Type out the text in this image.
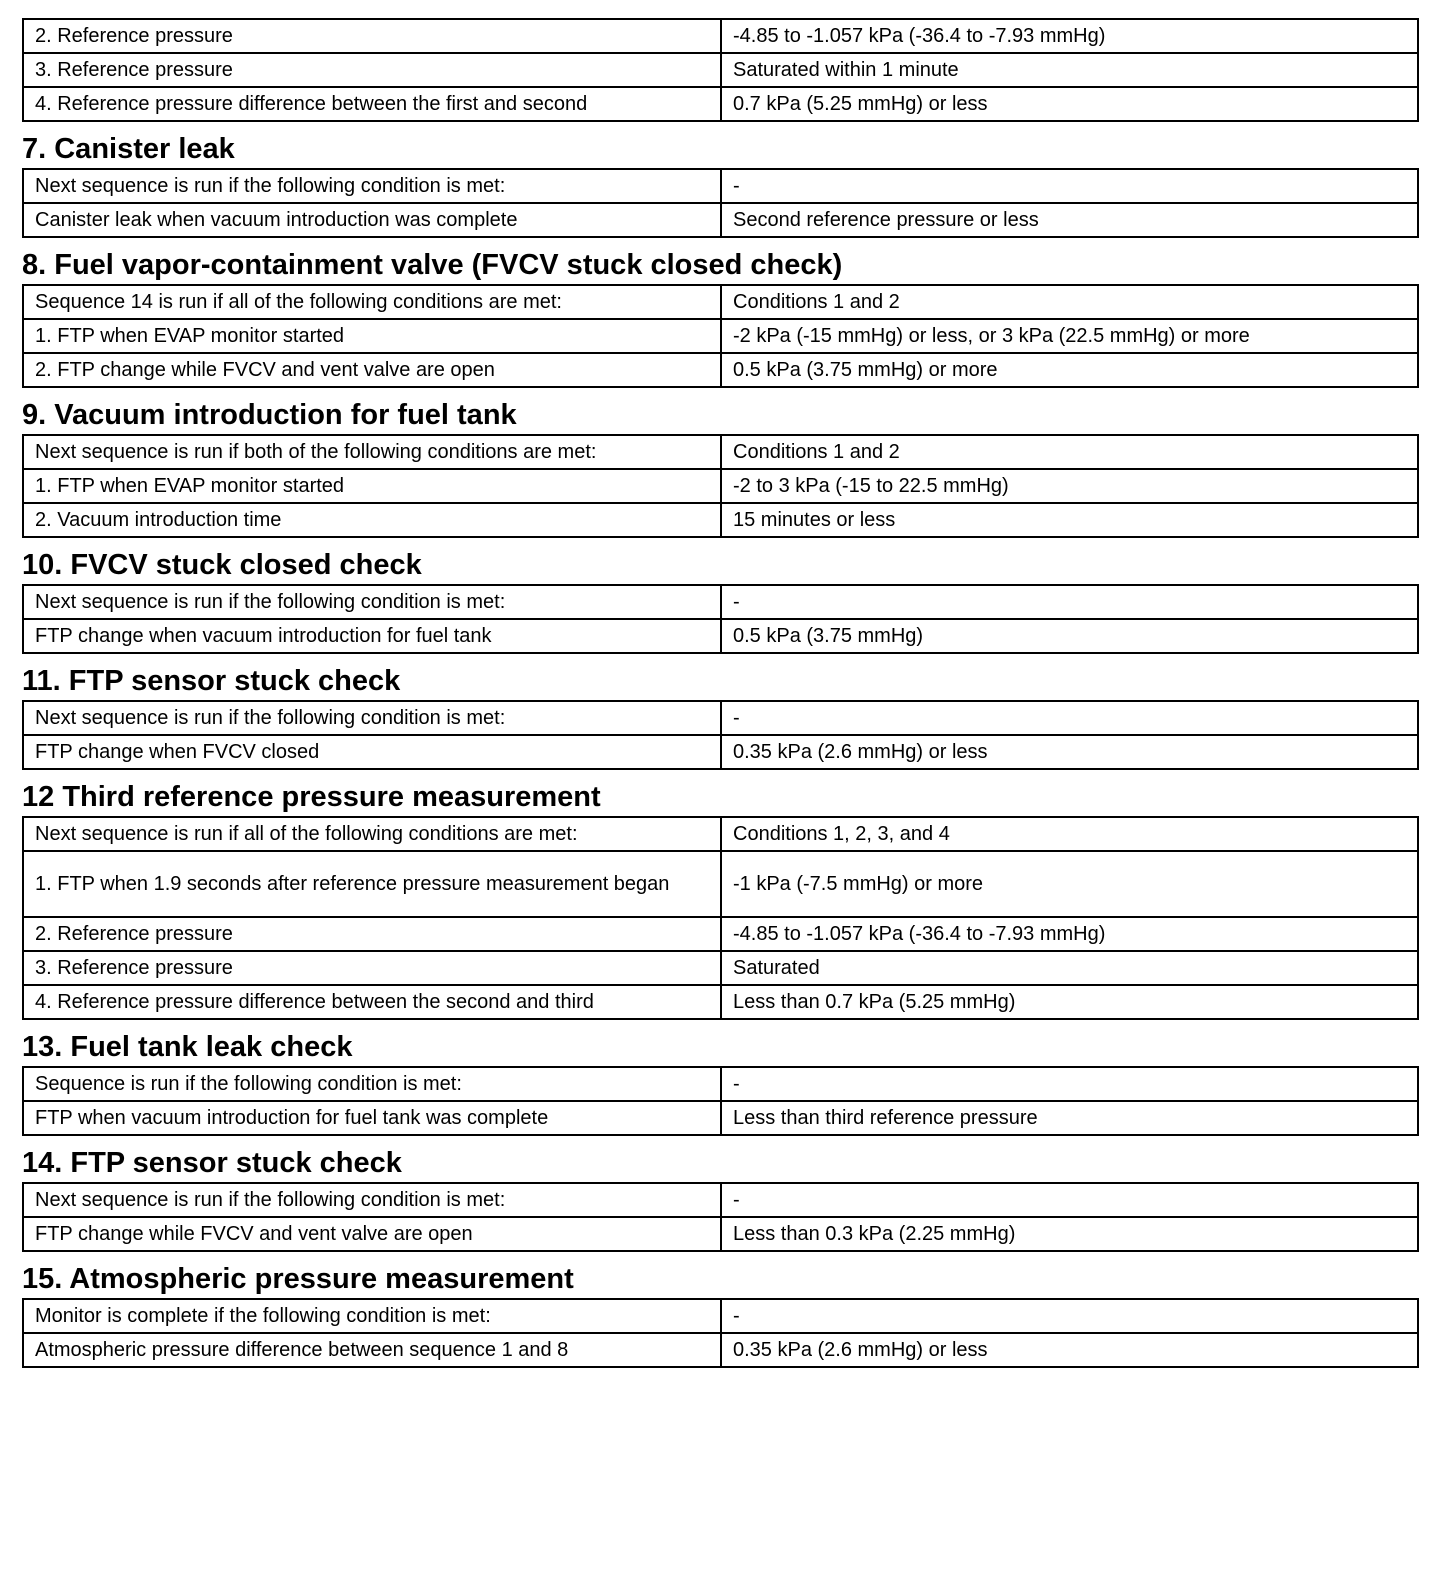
2. Reference pressure	-4.85 to -1.057 kPa (-36.4 to -7.93 mmHg)
3. Reference pressure	Saturated within 1 minute
4. Reference pressure difference between the first and second	0.7 kPa (5.25 mmHg) or less
7. Canister leak
Next sequence is run if the following condition is met:	-
Canister leak when vacuum introduction was complete	Second reference pressure or less
8. Fuel vapor-containment valve (FVCV stuck closed check)
Sequence 14 is run if all of the following conditions are met:	Conditions 1 and 2
1. FTP when EVAP monitor started	-2 kPa (-15 mmHg) or less, or 3 kPa (22.5 mmHg) or more
2. FTP change while FVCV and vent valve are open	0.5 kPa (3.75 mmHg) or more
9. Vacuum introduction for fuel tank
Next sequence is run if both of the following conditions are met:	Conditions 1 and 2
1. FTP when EVAP monitor started	-2 to 3 kPa (-15 to 22.5 mmHg)
2. Vacuum introduction time	15 minutes or less
10. FVCV stuck closed check
Next sequence is run if the following condition is met:	-
FTP change when vacuum introduction for fuel tank	0.5 kPa (3.75 mmHg)
11. FTP sensor stuck check
Next sequence is run if the following condition is met:	-
FTP change when FVCV closed	0.35 kPa (2.6 mmHg) or less
12 Third reference pressure measurement
Next sequence is run if all of the following conditions are met:	Conditions 1, 2, 3, and 4
1. FTP when 1.9 seconds after reference pressure measurement began	-1 kPa (-7.5 mmHg) or more
2. Reference pressure	-4.85 to -1.057 kPa (-36.4 to -7.93 mmHg)
3. Reference pressure	Saturated
4. Reference pressure difference between the second and third	Less than 0.7 kPa (5.25 mmHg)
13. Fuel tank leak check
Sequence is run if the following condition is met:	-
FTP when vacuum introduction for fuel tank was complete	Less than third reference pressure
14. FTP sensor stuck check
Next sequence is run if the following condition is met:	-
FTP change while FVCV and vent valve are open	Less than 0.3 kPa (2.25 mmHg)
15. Atmospheric pressure measurement
Monitor is complete if the following condition is met:	-
Atmospheric pressure difference between sequence 1 and 8	0.35 kPa (2.6 mmHg) or less
